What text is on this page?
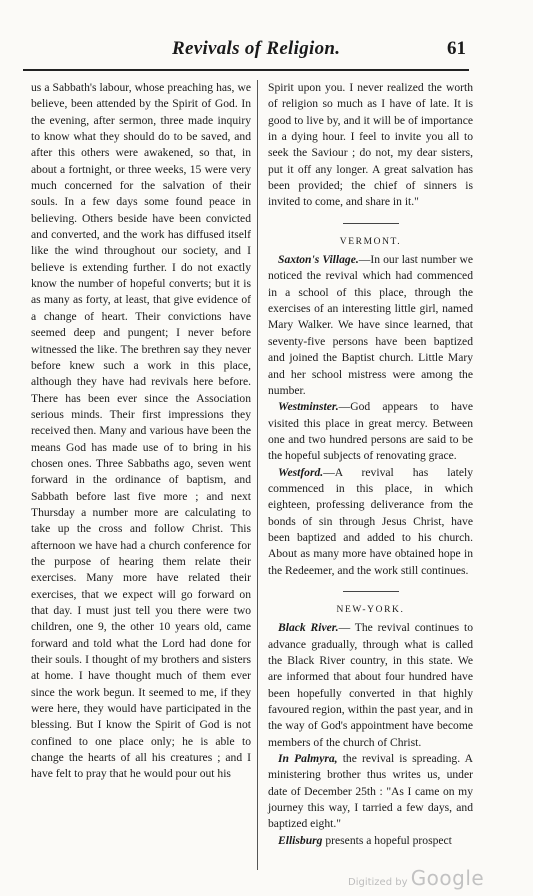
Revivals of Religion.	61

us a Sabbath's labour, whose preaching has, we believe, been attended by the Spirit of God. In the evening, after sermon, three made inquiry to know what they should do to be saved, and after this others were awakened, so that, in about a fortnight, or three weeks, 15 were very much concerned for the salvation of their souls. In a few days some found peace in believing. Others beside have been convicted and converted, and the work has diffused itself like the wind throughout our society, and I believe is extending further. I do not exactly know the number of hopeful converts; but it is as many as forty, at least, that give evidence of a change of heart. Their convictions have seemed deep and pungent; I never before witnessed the like. The brethren say they never before knew such a work in this place, although they have had revivals here before. There has been ever since the Association serious minds. Their first impressions they received then. Many and various have been the means God has made use of to bring in his chosen ones. Three Sabbaths ago, seven went forward in the ordinance of baptism, and Sabbath before last five more ; and next Thursday a number more are calculating to take up the cross and follow Christ. This afternoon we have had a church conference for the purpose of hearing them relate their exercises. Many more have related their exercises, that we expect will go forward on that day. I must just tell you there were two children, one 9, the other 10 years old, came forward and told what the Lord had done for their souls. I thought of my brothers and sisters at home. I have thought much of them ever since the work begun. It seemed to me, if they were here, they would have participated in the blessing. But I know the Spirit of God is not confined to one place only; he is able to change the hearts of all his creatures ; and I have felt to pray that he would pour out his

Spirit upon you. I never realized the worth of religion so much as I have of late. It is good to live by, and it will be of importance in a dying hour. I feel to invite you all to seek the Saviour ; do not, my dear sisters, put it off any longer. A great salvation has been provided; the chief of sinners is invited to come, and share in it."

VERMONT.

Saxton's Village.—In our last number we noticed the revival which had commenced in a school of this place, through the exercises of an interesting little girl, named Mary Walker. We have since learned, that seventy-five persons have been baptized and joined the Baptist church. Little Mary and her school mistress were among the number.

Westminster.—God appears to have visited this place in great mercy. Between one and two hundred persons are said to be the hopeful subjects of renovating grace.

Westford.—A revival has lately commenced in this place, in which eighteen, professing deliverance from the bonds of sin through Jesus Christ, have been baptized and added to his church. About as many more have obtained hope in the Redeemer, and the work still continues.

NEW-YORK.

Black River.— The revival continues to advance gradually, through what is called the Black River country, in this state. We are informed that about four hundred have been hopefully converted in that highly favoured region, within the past year, and in the way of God's appointment have become members of the church of Christ.

In Palmyra, the revival is spreading. A ministering brother thus writes us, under date of December 25th : "As I came on my journey this way, I tarried a few days, and baptized eight."

Ellisburg presents a hopeful prospect

Digitized by Google
